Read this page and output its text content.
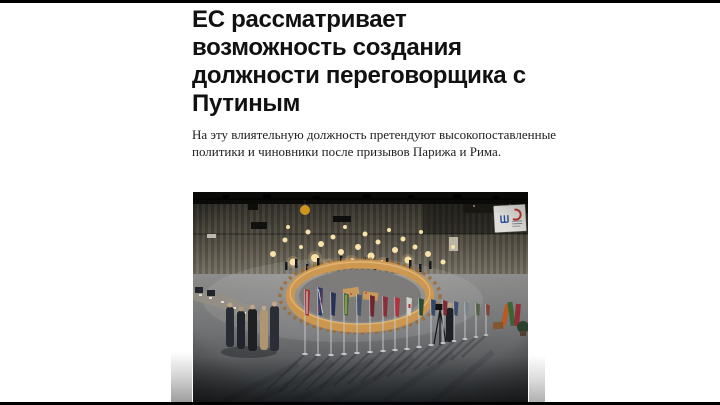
ЕС рассматривает
возможность создания
должности переговорщика с
Путиным

На эту влиятельную должность претендуют высокопоставленные
политики и чиновники после призывов Парижа и Рима.
